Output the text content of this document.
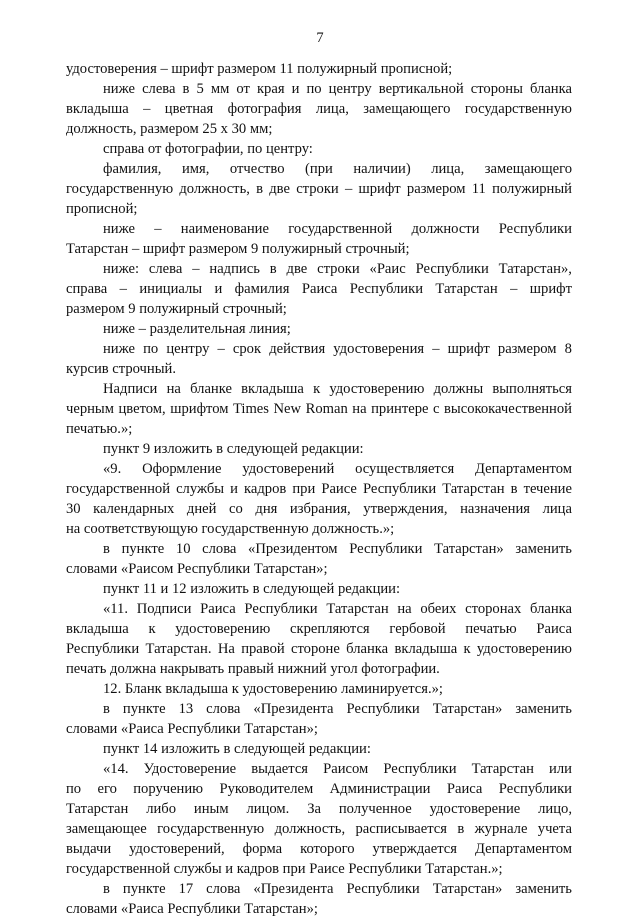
7
удостоверения – шрифт размером 11 полужирный прописной;
ниже слева в 5 мм от края и по центру вертикальной стороны бланка
вкладыша – цветная фотография лица, замещающего государственную
должность, размером 25 х 30 мм;
справа от фотографии, по центру:
фамилия, имя, отчество (при наличии) лица, замещающего
государственную должность, в две строки – шрифт размером 11 полужирный
прописной;
ниже – наименование государственной должности Республики
Татарстан – шрифт размером 9 полужирный строчный;
ниже: слева – надпись в две строки «Раис Республики Татарстан»,
справа – инициалы и фамилия Раиса Республики Татарстан – шрифт
размером 9 полужирный строчный;
ниже – разделительная линия;
ниже по центру – срок действия удостоверения – шрифт размером 8
курсив строчный.
Надписи на бланке вкладыша к удостоверению должны выполняться
черным цветом, шрифтом Times New Roman на принтере с высококачественной
печатью.»;
пункт 9 изложить в следующей редакции:
«9. Оформление удостоверений осуществляется Департаментом
государственной службы и кадров при Раисе Республики Татарстан в течение
30 календарных дней со дня избрания, утверждения, назначения лица
на соответствующую государственную должность.»;
в пункте 10 слова «Президентом Республики Татарстан» заменить
словами «Раисом Республики Татарстан»;
пункт 11 и 12 изложить в следующей редакции:
«11. Подписи Раиса Республики Татарстан на обеих сторонах бланка
вкладыша к удостоверению скрепляются гербовой печатью Раиса
Республики Татарстан. На правой стороне бланка вкладыша к удостоверению
печать должна накрывать правый нижний угол фотографии.
12. Бланк вкладыша к удостоверению ламинируется.»;
в пункте 13 слова «Президента Республики Татарстан» заменить
словами «Раиса Республики Татарстан»;
пункт 14 изложить в следующей редакции:
«14. Удостоверение выдается Раисом Республики Татарстан или
по его поручению Руководителем Администрации Раиса Республики
Татарстан либо иным лицом. За полученное удостоверение лицо,
замещающее государственную должность, расписывается в журнале учета
выдачи удостоверений, форма которого утверждается Департаментом
государственной службы и кадров при Раисе Республики Татарстан.»;
в пункте 17 слова «Президента Республики Татарстан» заменить
словами «Раиса Республики Татарстан»;
